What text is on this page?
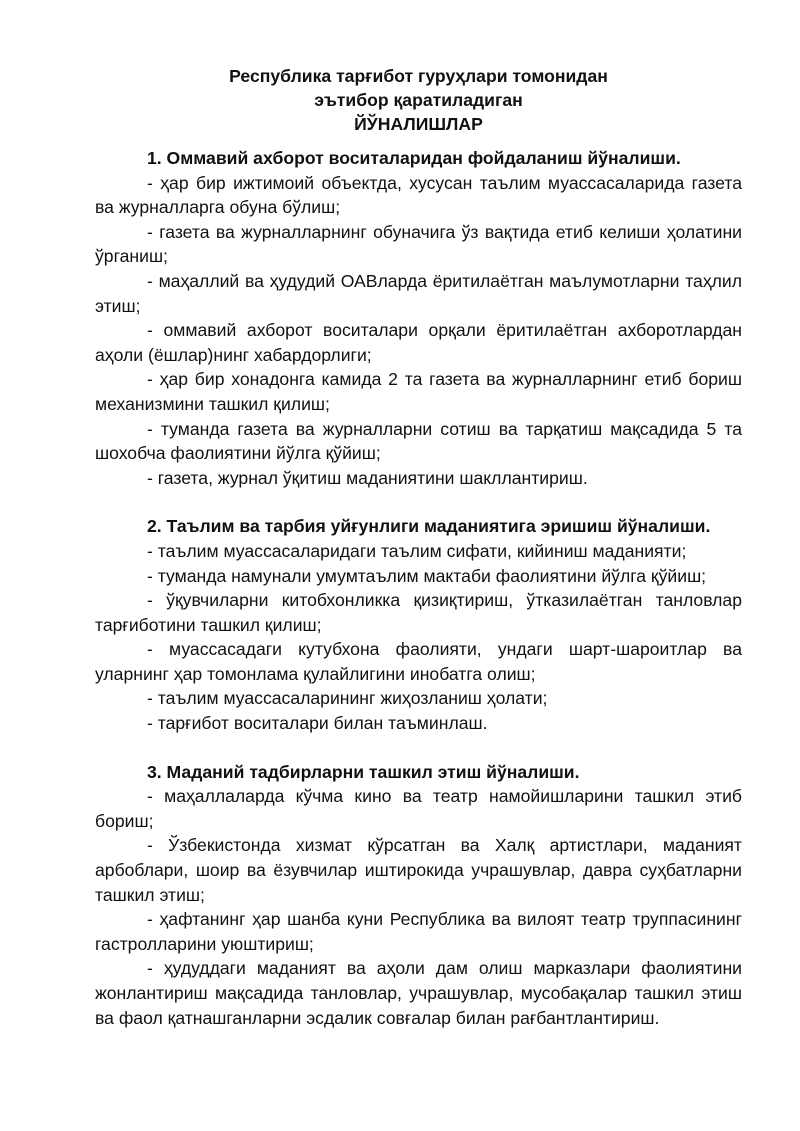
Республика тарғибот гуруҳлари томонидан
эътибор қаратиладиган
ЙЎНАЛИШЛАР

1. Оммавий ахборот воситаларидан фойдаланиш йўналиши.

- ҳар бир ижтимоий объектда, хусусан таълим муассасаларида газета ва журналларга обуна бўлиш;

- газета ва журналларнинг обуначига ўз вақтида етиб келиши ҳолатини ўрганиш;

- маҳаллий ва ҳудудий ОАВларда ёритилаётган маълумотларни таҳлил этиш;

- оммавий ахборот воситалари орқали ёритилаётган ахборотлардан аҳоли (ёшлар)нинг хабардорлиги;

- ҳар бир хонадонга камида 2 та газета ва журналларнинг етиб бориш механизмини ташкил қилиш;

- туманда газета ва журналларни сотиш ва тарқатиш мақсадида 5 та шохобча фаолиятини йўлга қўйиш;

- газета, журнал ўқитиш маданиятини шакллантириш.

2. Таълим ва тарбия уйғунлиги маданиятига эришиш йўналиши.

- таълим муассасаларидаги таълим сифати, кийиниш маданияти;

- туманда намунали умумтаълим мактаби фаолиятини йўлга қўйиш;

- ўқувчиларни китобхонликка қизиқтириш, ўтказилаётган танловлар тарғиботини ташкил қилиш;

- муассасадаги кутубхона фаолияти, ундаги шарт-шароитлар ва уларнинг ҳар томонлама қулайлигини инобатга олиш;

- таълим муассасаларининг жиҳозланиш ҳолати;

- тарғибот воситалари билан таъминлаш.

3. Маданий тадбирларни ташкил этиш йўналиши.

- маҳаллаларда кўчма кино ва театр намойишларини ташкил этиб бориш;

- Ўзбекистонда хизмат кўрсатган ва Халқ артистлари, маданият арбоблари, шоир ва ёзувчилар иштирокида учрашувлар, давра суҳбатларни ташкил этиш;

- ҳафтанинг ҳар шанба куни Республика ва вилоят театр труппасининг гастролларини уюштириш;

- ҳудуддаги маданият ва аҳоли дам олиш марказлари фаолиятини жонлантириш мақсадида танловлар, учрашувлар, мусобақалар ташкил этиш ва фаол қатнашганларни эсдалик совғалар билан рағбантлантириш.
